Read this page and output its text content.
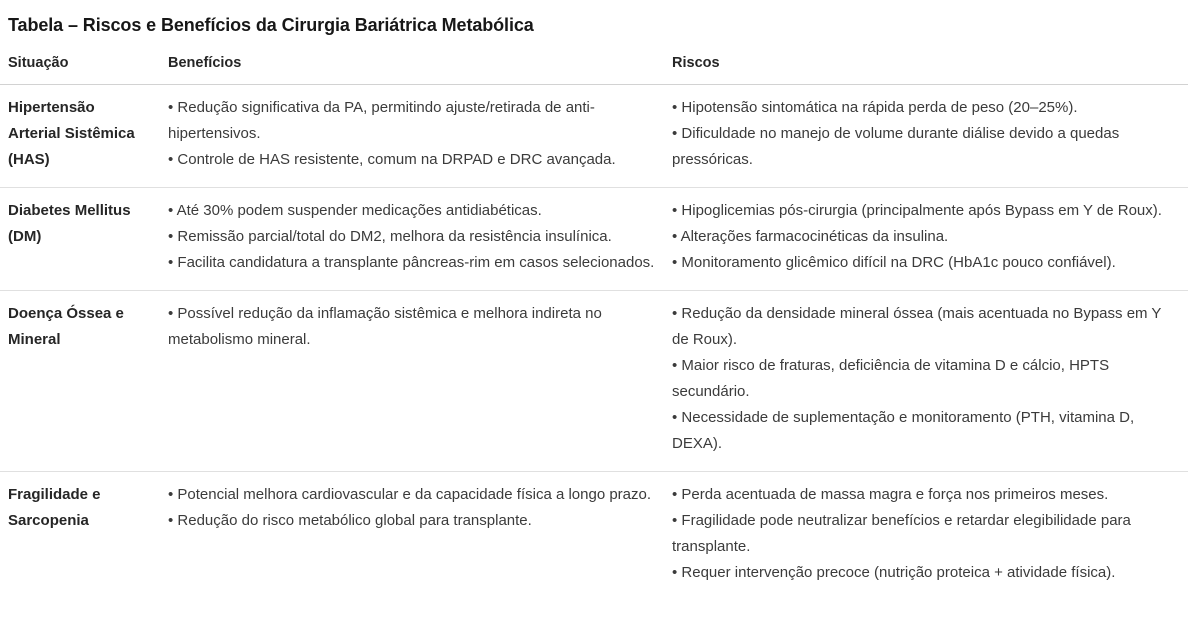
Tabela – Riscos e Benefícios da Cirurgia Bariátrica Metabólica
Situação	Benefícios	Riscos
Hipertensão Arterial Sistêmica (HAS)
• Redução significativa da PA, permitindo ajuste/retirada de anti-hipertensivos.
• Controle de HAS resistente, comum na DRPAD e DRC avançada.
• Hipotensão sintomática na rápida perda de peso (20–25%).
• Dificuldade no manejo de volume durante diálise devido a quedas pressóricas.
Diabetes Mellitus (DM)
• Até 30% podem suspender medicações antidiabéticas.
• Remissão parcial/total do DM2, melhora da resistência insulínica.
• Facilita candidatura a transplante pâncreas-rim em casos selecionados.
• Hipoglicemias pós-cirurgia (principalmente após Bypass em Y de Roux).
• Alterações farmacocinéticas da insulina.
• Monitoramento glicêmico difícil na DRC (HbA1c pouco confiável).
Doença Óssea e Mineral
• Possível redução da inflamação sistêmica e melhora indireta no metabolismo mineral.
• Redução da densidade mineral óssea (mais acentuada no Bypass em Y de Roux).
• Maior risco de fraturas, deficiência de vitamina D e cálcio, HPTS secundário.
• Necessidade de suplementação e monitoramento (PTH, vitamina D, DEXA).
Fragilidade e Sarcopenia
• Potencial melhora cardiovascular e da capacidade física a longo prazo.
• Redução do risco metabólico global para transplante.
• Perda acentuada de massa magra e força nos primeiros meses.
• Fragilidade pode neutralizar benefícios e retardar elegibilidade para transplante.
• Requer intervenção precoce (nutrição proteica + atividade física).
